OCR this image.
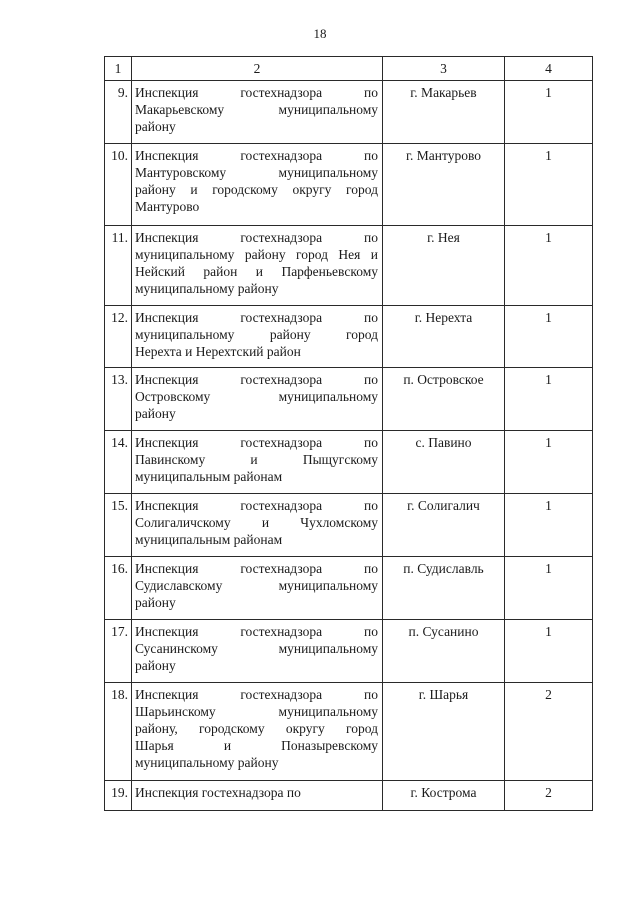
18
1	2	3	4
9.	Инспекция гостехнадзора по
Макарьевскому муниципальному
району	г. Макарьев	1
10.	Инспекция гостехнадзора по
Мантуровскому муниципальному
району и городскому округу город
Мантурово	г. Мантурово	1
11.	Инспекция гостехнадзора по
муниципальному району город Нея и
Нейский район и Парфеньевскому
муниципальному району	г. Нея	1
12.	Инспекция гостехнадзора по
муниципальному району город
Нерехта и Нерехтский район	г. Нерехта	1
13.	Инспекция гостехнадзора по
Островскому муниципальному
району	п. Островское	1
14.	Инспекция гостехнадзора по
Павинскому и Пыщугскому
муниципальным районам	с. Павино	1
15.	Инспекция гостехнадзора по
Солигаличскому и Чухломскому
муниципальным районам	г. Солигалич	1
16.	Инспекция гостехнадзора по
Судиславскому муниципальному
району	п. Судиславль	1
17.	Инспекция гостехнадзора по
Сусанинскому муниципальному
району	п. Сусанино	1
18.	Инспекция гостехнадзора по
Шарьинскому муниципальному
району, городскому округу город
Шарья и Поназыревскому
муниципальному району	г. Шарья	2
19.	Инспекция гостехнадзора по	г. Кострома	2
